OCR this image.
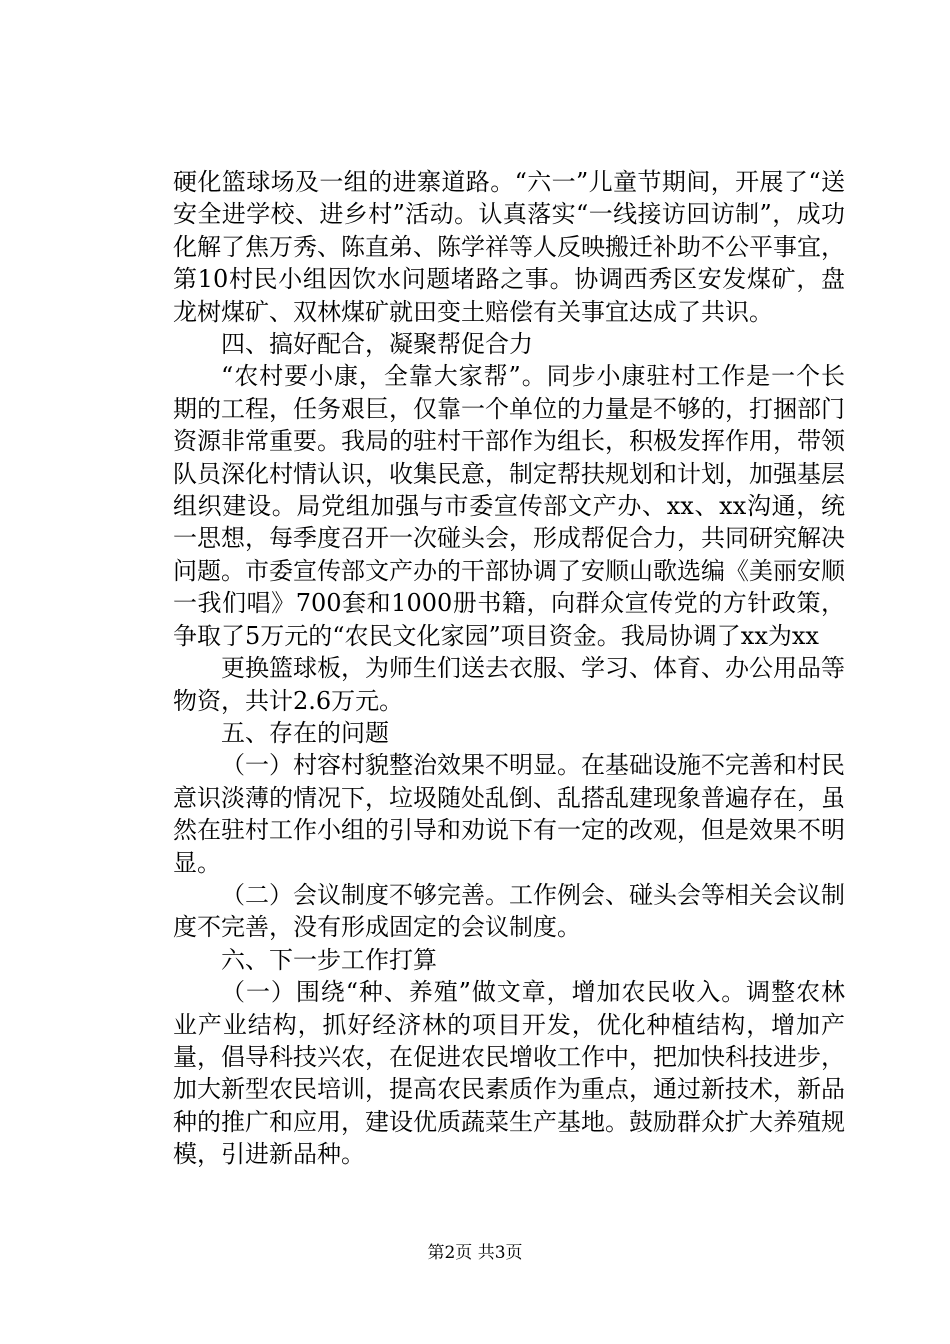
硬化篮球场及一组的进寨道路。“六一”儿童节期间，开展了“送安全进学校、进乡村”活动。认真落实“一线接访回访制”，成功化解了焦万秀、陈直弟、陈学祥等人反映搬迁补助不公平事宜，第10村民小组因饮水问题堵路之事。协调西秀区安发煤矿，盘龙树煤矿、双林煤矿就田变土赔偿有关事宜达成了共识。

四、搞好配合，凝聚帮促合力

“农村要小康，全靠大家帮”。同步小康驻村工作是一个长期的工程，任务艰巨，仅靠一个单位的力量是不够的，打捆部门资源非常重要。我局的驻村干部作为组长，积极发挥作用，带领队员深化村情认识，收集民意，制定帮扶规划和计划，加强基层组织建设。局党组加强与市委宣传部文产办、xx、xx沟通，统一思想，每季度召开一次碰头会，形成帮促合力，共同研究解决问题。市委宣传部文产办的干部协调了安顺山歌选编《美丽安顺一我们唱》700套和1000册书籍，向群众宣传党的方针政策，争取了5万元的“农民文化家园”项目资金。我局协调了xx为xx

更换篮球板，为师生们送去衣服、学习、体育、办公用品等物资，共计2.6万元。

五、存在的问题

（一）村容村貌整治效果不明显。在基础设施不完善和村民意识淡薄的情况下，垃圾随处乱倒、乱搭乱建现象普遍存在，虽然在驻村工作小组的引导和劝说下有一定的改观，但是效果不明显。

（二）会议制度不够完善。工作例会、碰头会等相关会议制度不完善，没有形成固定的会议制度。

六、下一步工作打算

（一）围绕“种、养殖”做文章，增加农民收入。调整农林业产业结构，抓好经济林的项目开发，优化种植结构，增加产量，倡导科技兴农，在促进农民增收工作中，把加快科技进步，加大新型农民培训，提高农民素质作为重点，通过新技术，新品种的推广和应用，建设优质蔬菜生产基地。鼓励群众扩大养殖规模，引进新品种。

第2页 共3页
